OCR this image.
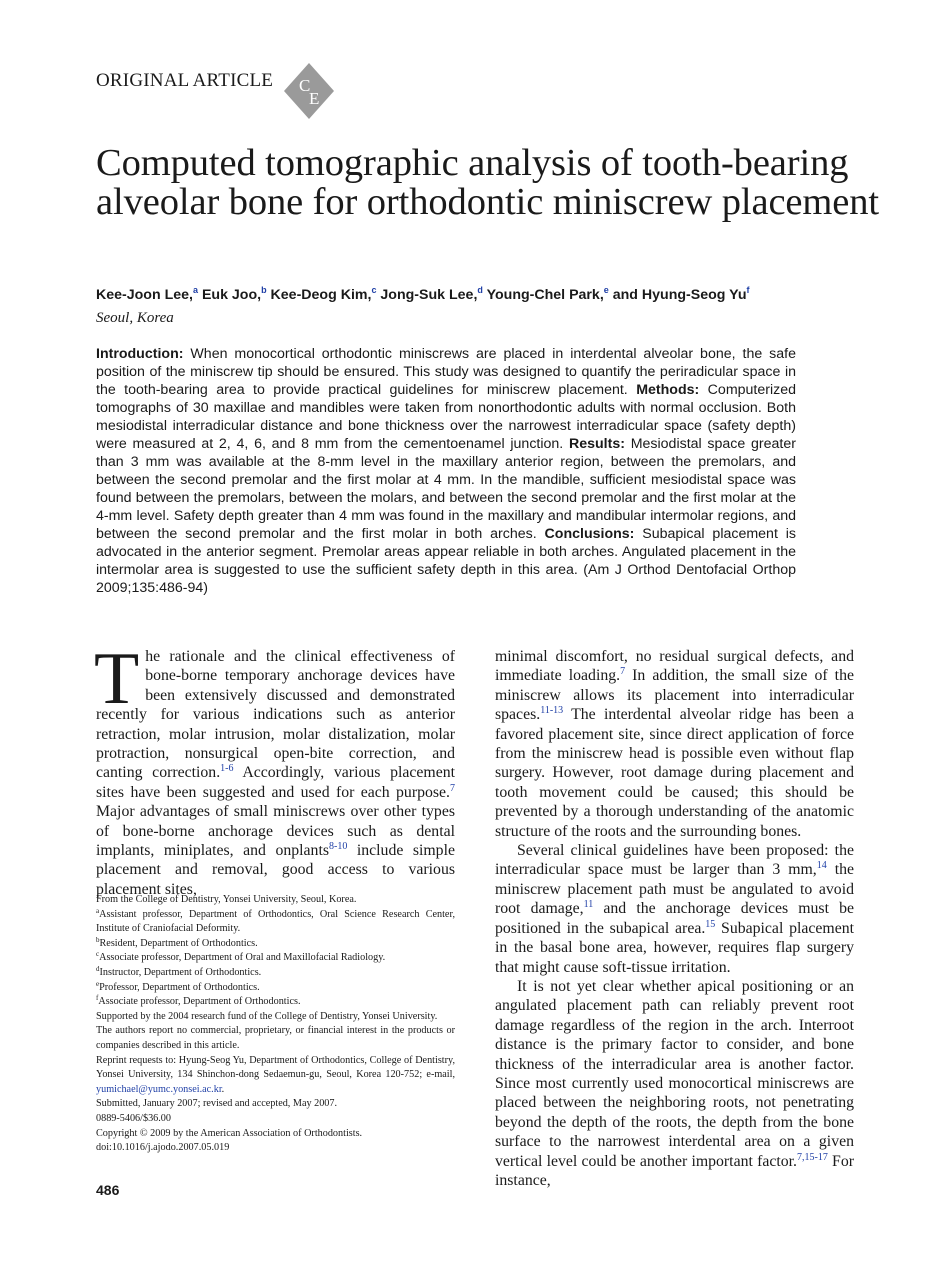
ORIGINAL ARTICLE C
E
Computed tomographic analysis of tooth-bearing alveolar bone for orthodontic miniscrew placement
Kee-Joon Lee,$^a$ Euk Joo,$^b$ Kee-Deog Kim,$^c$ Jong-Suk Lee,$^d$ Young-Chel Park,$^e$ and Hyung-Seog Yu$^f$
Seoul, Korea

Introduction: When monocortical orthodontic miniscrews are placed in interdental alveolar bone, the safe position of the miniscrew tip should be ensured. This study was designed to quantify the periradicular space in the tooth-bearing area to provide practical guidelines for miniscrew placement. Methods: Computerized tomographs of 30 maxillae and mandibles were taken from nonorthodontic adults with normal occlusion. Both mesiodistal interradicular distance and bone thickness over the narrowest interradicular space (safety depth) were measured at 2, 4, 6, and 8 mm from the cementoenamel junction. Results: Mesiodistal space greater than 3 mm was available at the 8-mm level in the maxillary anterior region, between the premolars, and between the second premolar and the first molar at 4 mm. In the mandible, sufficient mesiodistal space was found between the premolars, between the molars, and between the second premolar and the first molar at the 4-mm level. Safety depth greater than 4 mm was found in the maxillary and mandibular intermolar regions, and between the second premolar and the first molar in both arches. Conclusions: Subapical placement is advocated in the anterior segment. Premolar areas appear reliable in both arches. Angulated placement in the intermolar area is suggested to use the sufficient safety depth in this area. (Am J Orthod Dentofacial Orthop 2009;135:486-94)

The rationale and the clinical effectiveness of bone-borne temporary anchorage devices have been extensively discussed and demonstrated recently for various indications such as anterior retraction, molar intrusion, molar distalization, molar protraction, nonsurgical open-bite correction, and canting correction.$^{1-6}$ Accordingly, various placement sites have been suggested and used for each purpose.$^7$ Major advantages of small miniscrews over other types of bone-borne anchorage devices such as dental implants, miniplates, and onplants$^{8-10}$ include simple placement and removal, good access to various placement sites,

From the College of Dentistry, Yonsei University, Seoul, Korea.
$^a$Assistant professor, Department of Orthodontics, Oral Science Research Center, Institute of Craniofacial Deformity.
$^b$Resident, Department of Orthodontics.
$^c$Associate professor, Department of Oral and Maxillofacial Radiology.
$^d$Instructor, Department of Orthodontics.
$^e$Professor, Department of Orthodontics.
$^f$Associate professor, Department of Orthodontics.
Supported by the 2004 research fund of the College of Dentistry, Yonsei University.
The authors report no commercial, proprietary, or financial interest in the products or companies described in this article.
Reprint requests to: Hyung-Seog Yu, Department of Orthodontics, College of Dentistry, Yonsei University, 134 Shinchon-dong Sedaemun-gu, Seoul, Korea 120-752; e-mail, yumichael@yumc.yonsei.ac.kr.
Submitted, January 2007; revised and accepted, May 2007.
0889-5406/$36.00
Copyright © 2009 by the American Association of Orthodontists.
doi:10.1016/j.ajodo.2007.05.019

minimal discomfort, no residual surgical defects, and immediate loading.$^7$ In addition, the small size of the miniscrew allows its placement into interradicular spaces.$^{11-13}$ The interdental alveolar ridge has been a favored placement site, since direct application of force from the miniscrew head is possible even without flap surgery. However, root damage during placement and tooth movement could be caused; this should be prevented by a thorough understanding of the anatomic structure of the roots and the surrounding bones.

Several clinical guidelines have been proposed: the interradicular space must be larger than 3 mm,$^{14}$ the miniscrew placement path must be angulated to avoid root damage,$^{11}$ and the anchorage devices must be positioned in the subapical area.$^{15}$ Subapical placement in the basal bone area, however, requires flap surgery that might cause soft-tissue irritation.

It is not yet clear whether apical positioning or an angulated placement path can reliably prevent root damage regardless of the region in the arch. Interroot distance is the primary factor to consider, and bone thickness of the interradicular area is another factor. Since most currently used monocortical miniscrews are placed between the neighboring roots, not penetrating beyond the depth of the roots, the depth from the bone surface to the narrowest interdental area on a given vertical level could be another important factor.$^{7,15-17}$ For instance,

486
